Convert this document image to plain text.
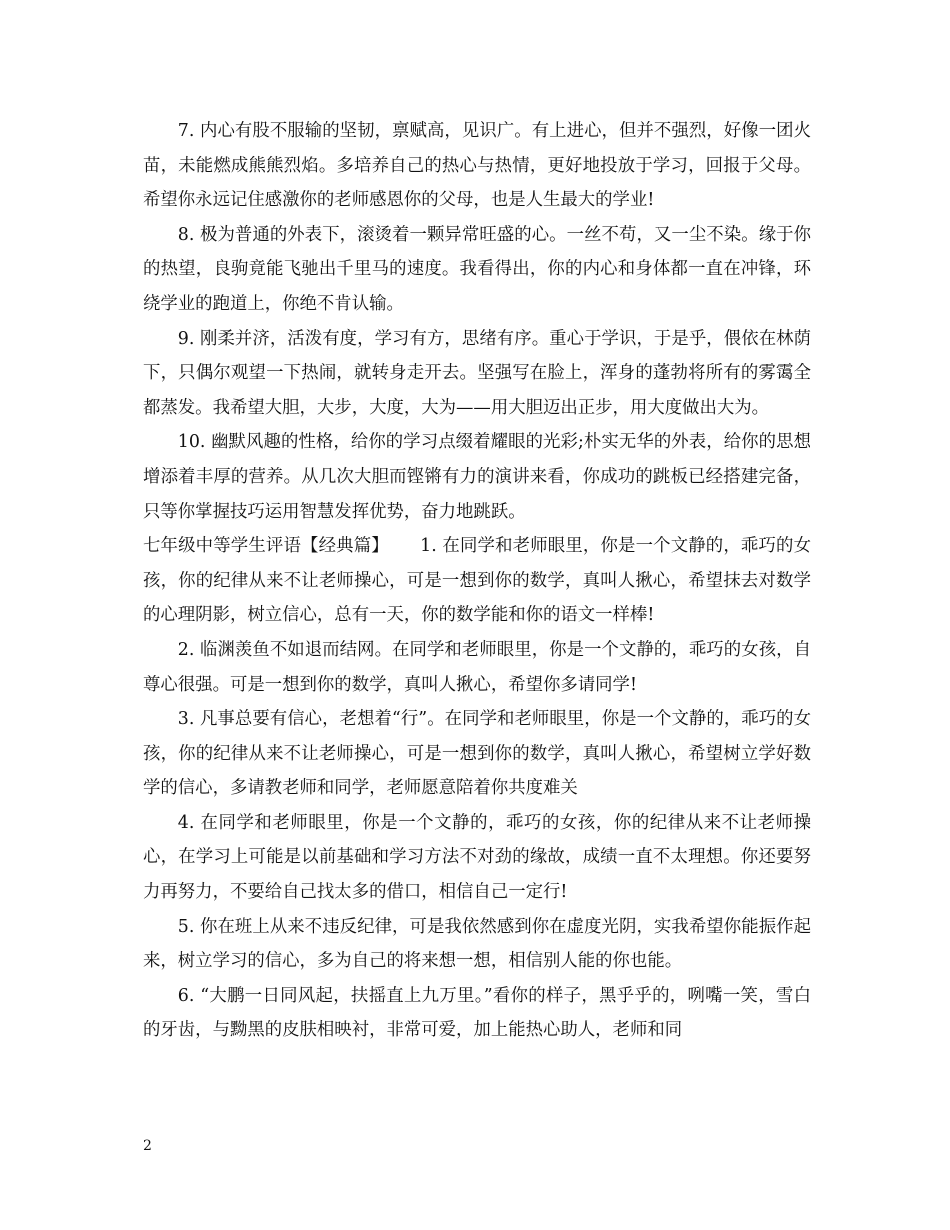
7. 内心有股不服输的坚韧，禀赋高，见识广。有上进心，但并不强烈，好像一团火苗，未能燃成熊熊烈焰。多培养自己的热心与热情，更好地投放于学习，回报于父母。希望你永远记住感激你的老师感恩你的父母，也是人生最大的学业!

8. 极为普通的外表下，滚烫着一颗异常旺盛的心。一丝不苟，又一尘不染。缘于你的热望，良驹竟能飞驰出千里马的速度。我看得出，你的内心和身体都一直在冲锋，环绕学业的跑道上，你绝不肯认输。

9. 刚柔并济，活泼有度，学习有方，思绪有序。重心于学识，于是乎，偎依在林荫下，只偶尔观望一下热闹，就转身走开去。坚强写在脸上，浑身的蓬勃将所有的雾霭全都蒸发。我希望大胆，大步，大度，大为——用大胆迈出正步，用大度做出大为。

10. 幽默风趣的性格，给你的学习点缀着耀眼的光彩;朴实无华的外表，给你的思想增添着丰厚的营养。从几次大胆而铿锵有力的演讲来看，你成功的跳板已经搭建完备，只等你掌握技巧运用智慧发挥优势，奋力地跳跃。

七年级中等学生评语【经典篇】 1. 在同学和老师眼里，你是一个文静的，乖巧的女孩，你的纪律从来不让老师操心，可是一想到你的数学，真叫人揪心，希望抹去对数学的心理阴影，树立信心，总有一天，你的数学能和你的语文一样棒!

2. 临渊羡鱼不如退而结网。在同学和老师眼里，你是一个文静的，乖巧的女孩，自尊心很强。可是一想到你的数学，真叫人揪心，希望你多请同学!

3. 凡事总要有信心，老想着“行”。在同学和老师眼里，你是一个文静的，乖巧的女孩，你的纪律从来不让老师操心，可是一想到你的数学，真叫人揪心，希望树立学好数学的信心，多请教老师和同学，老师愿意陪着你共度难关

4. 在同学和老师眼里，你是一个文静的，乖巧的女孩，你的纪律从来不让老师操心，在学习上可能是以前基础和学习方法不对劲的缘故，成绩一直不太理想。你还要努力再努力，不要给自己找太多的借口，相信自己一定行!

5. 你在班上从来不违反纪律，可是我依然感到你在虚度光阴，实我希望你能振作起来，树立学习的信心，多为自己的将来想一想，相信别人能的你也能。

6. “大鹏一日同风起，扶摇直上九万里。”看你的样子，黑乎乎的，咧嘴一笑，雪白的牙齿，与黝黑的皮肤相映衬，非常可爱，加上能热心助人，老师和同

2
